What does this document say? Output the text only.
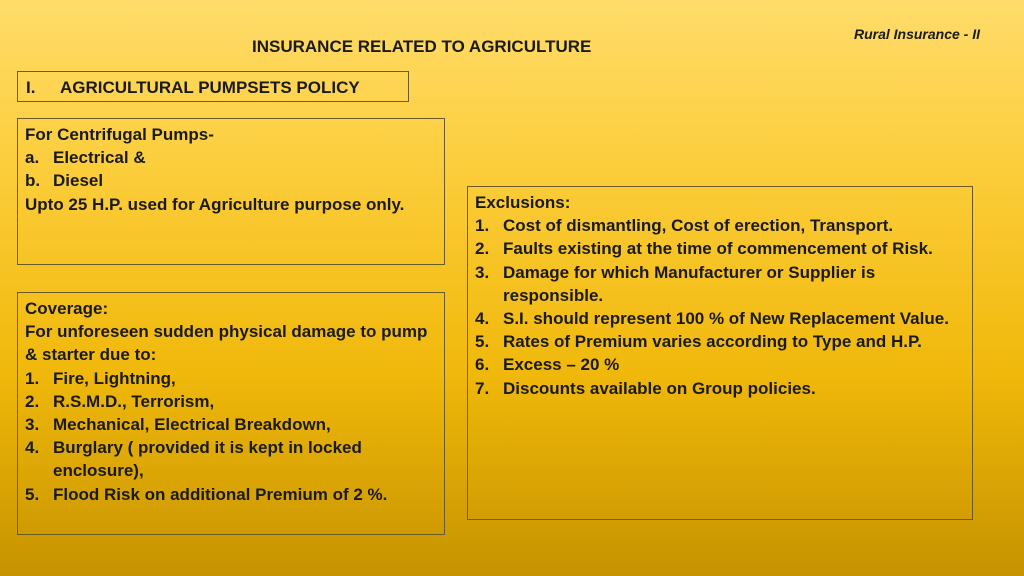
Rural Insurance - II
INSURANCE RELATED TO AGRICULTURE
I. AGRICULTURAL PUMPSETS POLICY
For Centrifugal Pumps-
a. Electrical &
b. Diesel
Upto 25 H.P. used for Agriculture purpose only.
Coverage:
For unforeseen sudden physical damage to pump & starter due to:
1. Fire, Lightning,
2. R.S.M.D., Terrorism,
3. Mechanical, Electrical Breakdown,
4. Burglary ( provided it is kept in locked enclosure),
5. Flood Risk on additional Premium of 2 %.
Exclusions:
1. Cost of dismantling, Cost of erection, Transport.
2. Faults existing at the time of commencement of Risk.
3. Damage for which Manufacturer or Supplier is responsible.
4. S.I. should represent 100 % of New Replacement Value.
5. Rates of Premium varies according to Type and H.P.
6. Excess – 20 %
7. Discounts available on Group policies.
